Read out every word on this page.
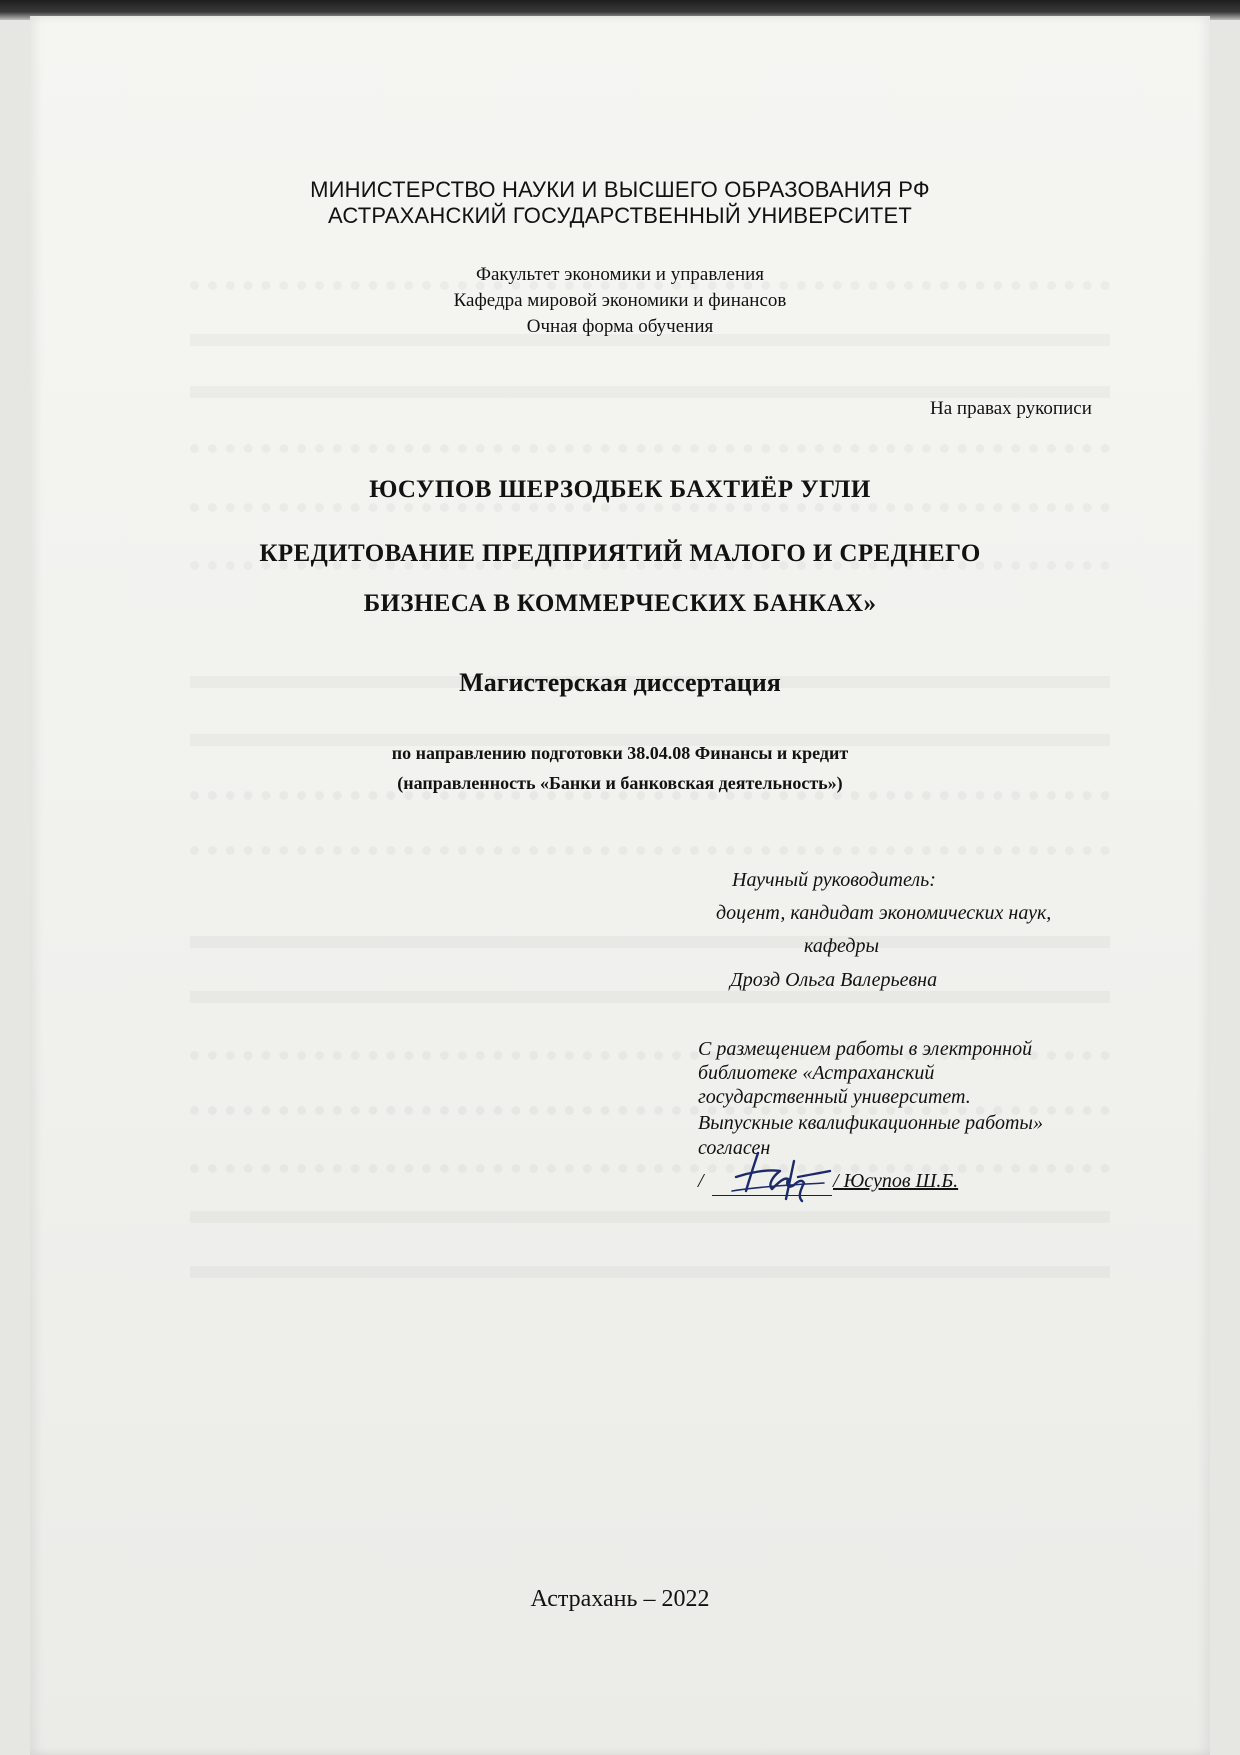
МИНИСТЕРСТВО НАУКИ И ВЫСШЕГО ОБРАЗОВАНИЯ РФ
АСТРАХАНСКИЙ ГОСУДАРСТВЕННЫЙ УНИВЕРСИТЕТ
Факультет экономики и управления
Кафедра мировой экономики и финансов
Очная форма обучения
На правах рукописи
ЮСУПОВ ШЕРЗОДБЕК БАХТИЁР УГЛИ
КРЕДИТОВАНИЕ ПРЕДПРИЯТИЙ МАЛОГО И СРЕДНЕГО
БИЗНЕСА В КОММЕРЧЕСКИХ БАНКАХ»
Магистерская диссертация
по направлению подготовки 38.04.08 Финансы и кредит
(направленность «Банки и банковская деятельность»)
Научный руководитель:
доцент, кандидат экономических наук,
кафедры
Дрозд Ольга Валерьевна
С размещением работы в электронной
библиотеке «Астраханский
государственный университет.
Выпускные квалификационные работы»
согласен
/	/ Юсупов Ш.Б.
Астрахань – 2022
